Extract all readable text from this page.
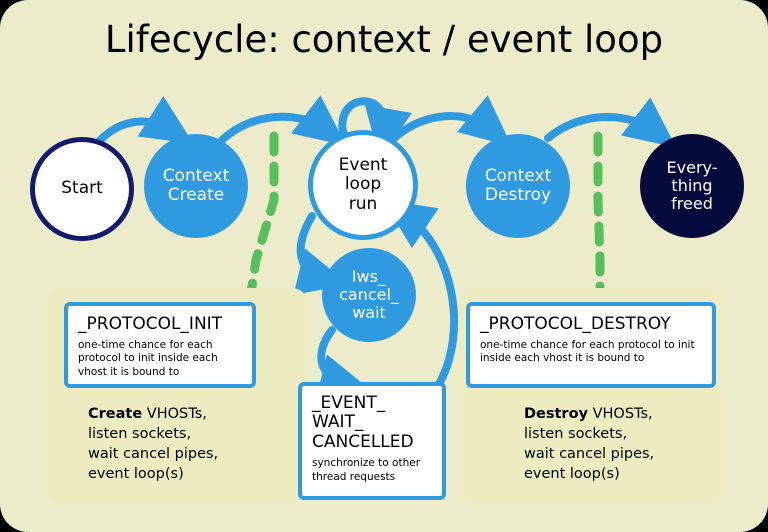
Lifecycle: context / event loop
Start
Context
Create
Event
loop
run
Context
Destroy
Every-
thing
freed
lws_
cancel_
wait
_PROTOCOL_INIT
one-time chance for each protocol to init inside each vhost it is bound to
_PROTOCOL_DESTROY
one-time chance for each protocol to init inside each vhost it is bound to
_EVENT_ WAIT_ CANCELLED
synchronize to other thread requests
Create VHOSTs,
listen sockets,
wait cancel pipes,
event loop(s)
Destroy VHOSTs,
listen sockets,
wait cancel pipes,
event loop(s)
